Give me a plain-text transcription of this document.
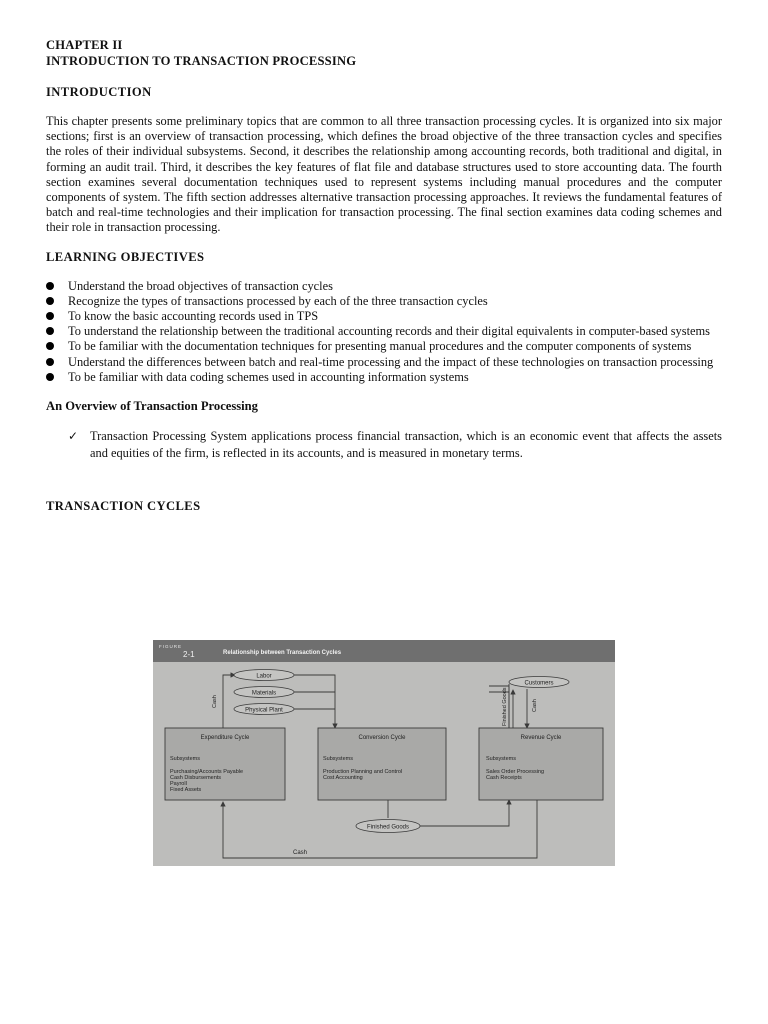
CHAPTER II
INTRODUCTION TO TRANSACTION PROCESSING

INTRODUCTION

This chapter presents some preliminary topics that are common to all three transaction processing cycles. It is organized into six major sections; first is an overview of transaction processing, which defines the broad objective of the three transaction cycles and specifies the roles of their individual subsystems. Second, it describes the relationship among accounting records, both traditional and digital, in forming an audit trail. Third, it describes the key features of flat file and database structures used to store accounting data. The fourth section examines several documentation techniques used to represent systems including manual procedures and the computer components of system. The fifth section addresses alternative transaction processing approaches. It reviews the fundamental features of batch and real-time technologies and their implication for transaction processing. The final section examines data coding schemes and their role in transaction processing.

LEARNING OBJECTIVES

Understand the broad objectives of transaction cycles
Recognize the types of transactions processed by each of the three transaction cycles
To know the basic accounting records used in TPS
To understand the relationship between the traditional accounting records and their digital equivalents in computer-based systems
To be familiar with the documentation techniques for presenting manual procedures and the computer components of systems
Understand the differences between batch and real-time processing and the impact of these technologies on transaction processing
To be familiar with data coding schemes used in accounting information systems

An Overview of Transaction Processing

✓ Transaction Processing System applications process financial transaction, which is an economic event that affects the assets and equities of the firm, is reflected in its accounts, and is measured in monetary terms.

TRANSACTION CYCLES

FIGURE
2-1	Relationship between Transaction Cycles
Labor
Materials
Physical Plant
Customers
Cash	Finished Goods	Cash
Expenditure Cycle
Subsystems
Purchasing/Accounts Payable
Cash Disbursements
Payroll
Fixed Assets
Conversion Cycle
Subsystems
Production Planning and Control
Cost Accounting
Revenue Cycle
Subsystems
Sales Order Processing
Cash Receipts
Finished Goods
Cash
